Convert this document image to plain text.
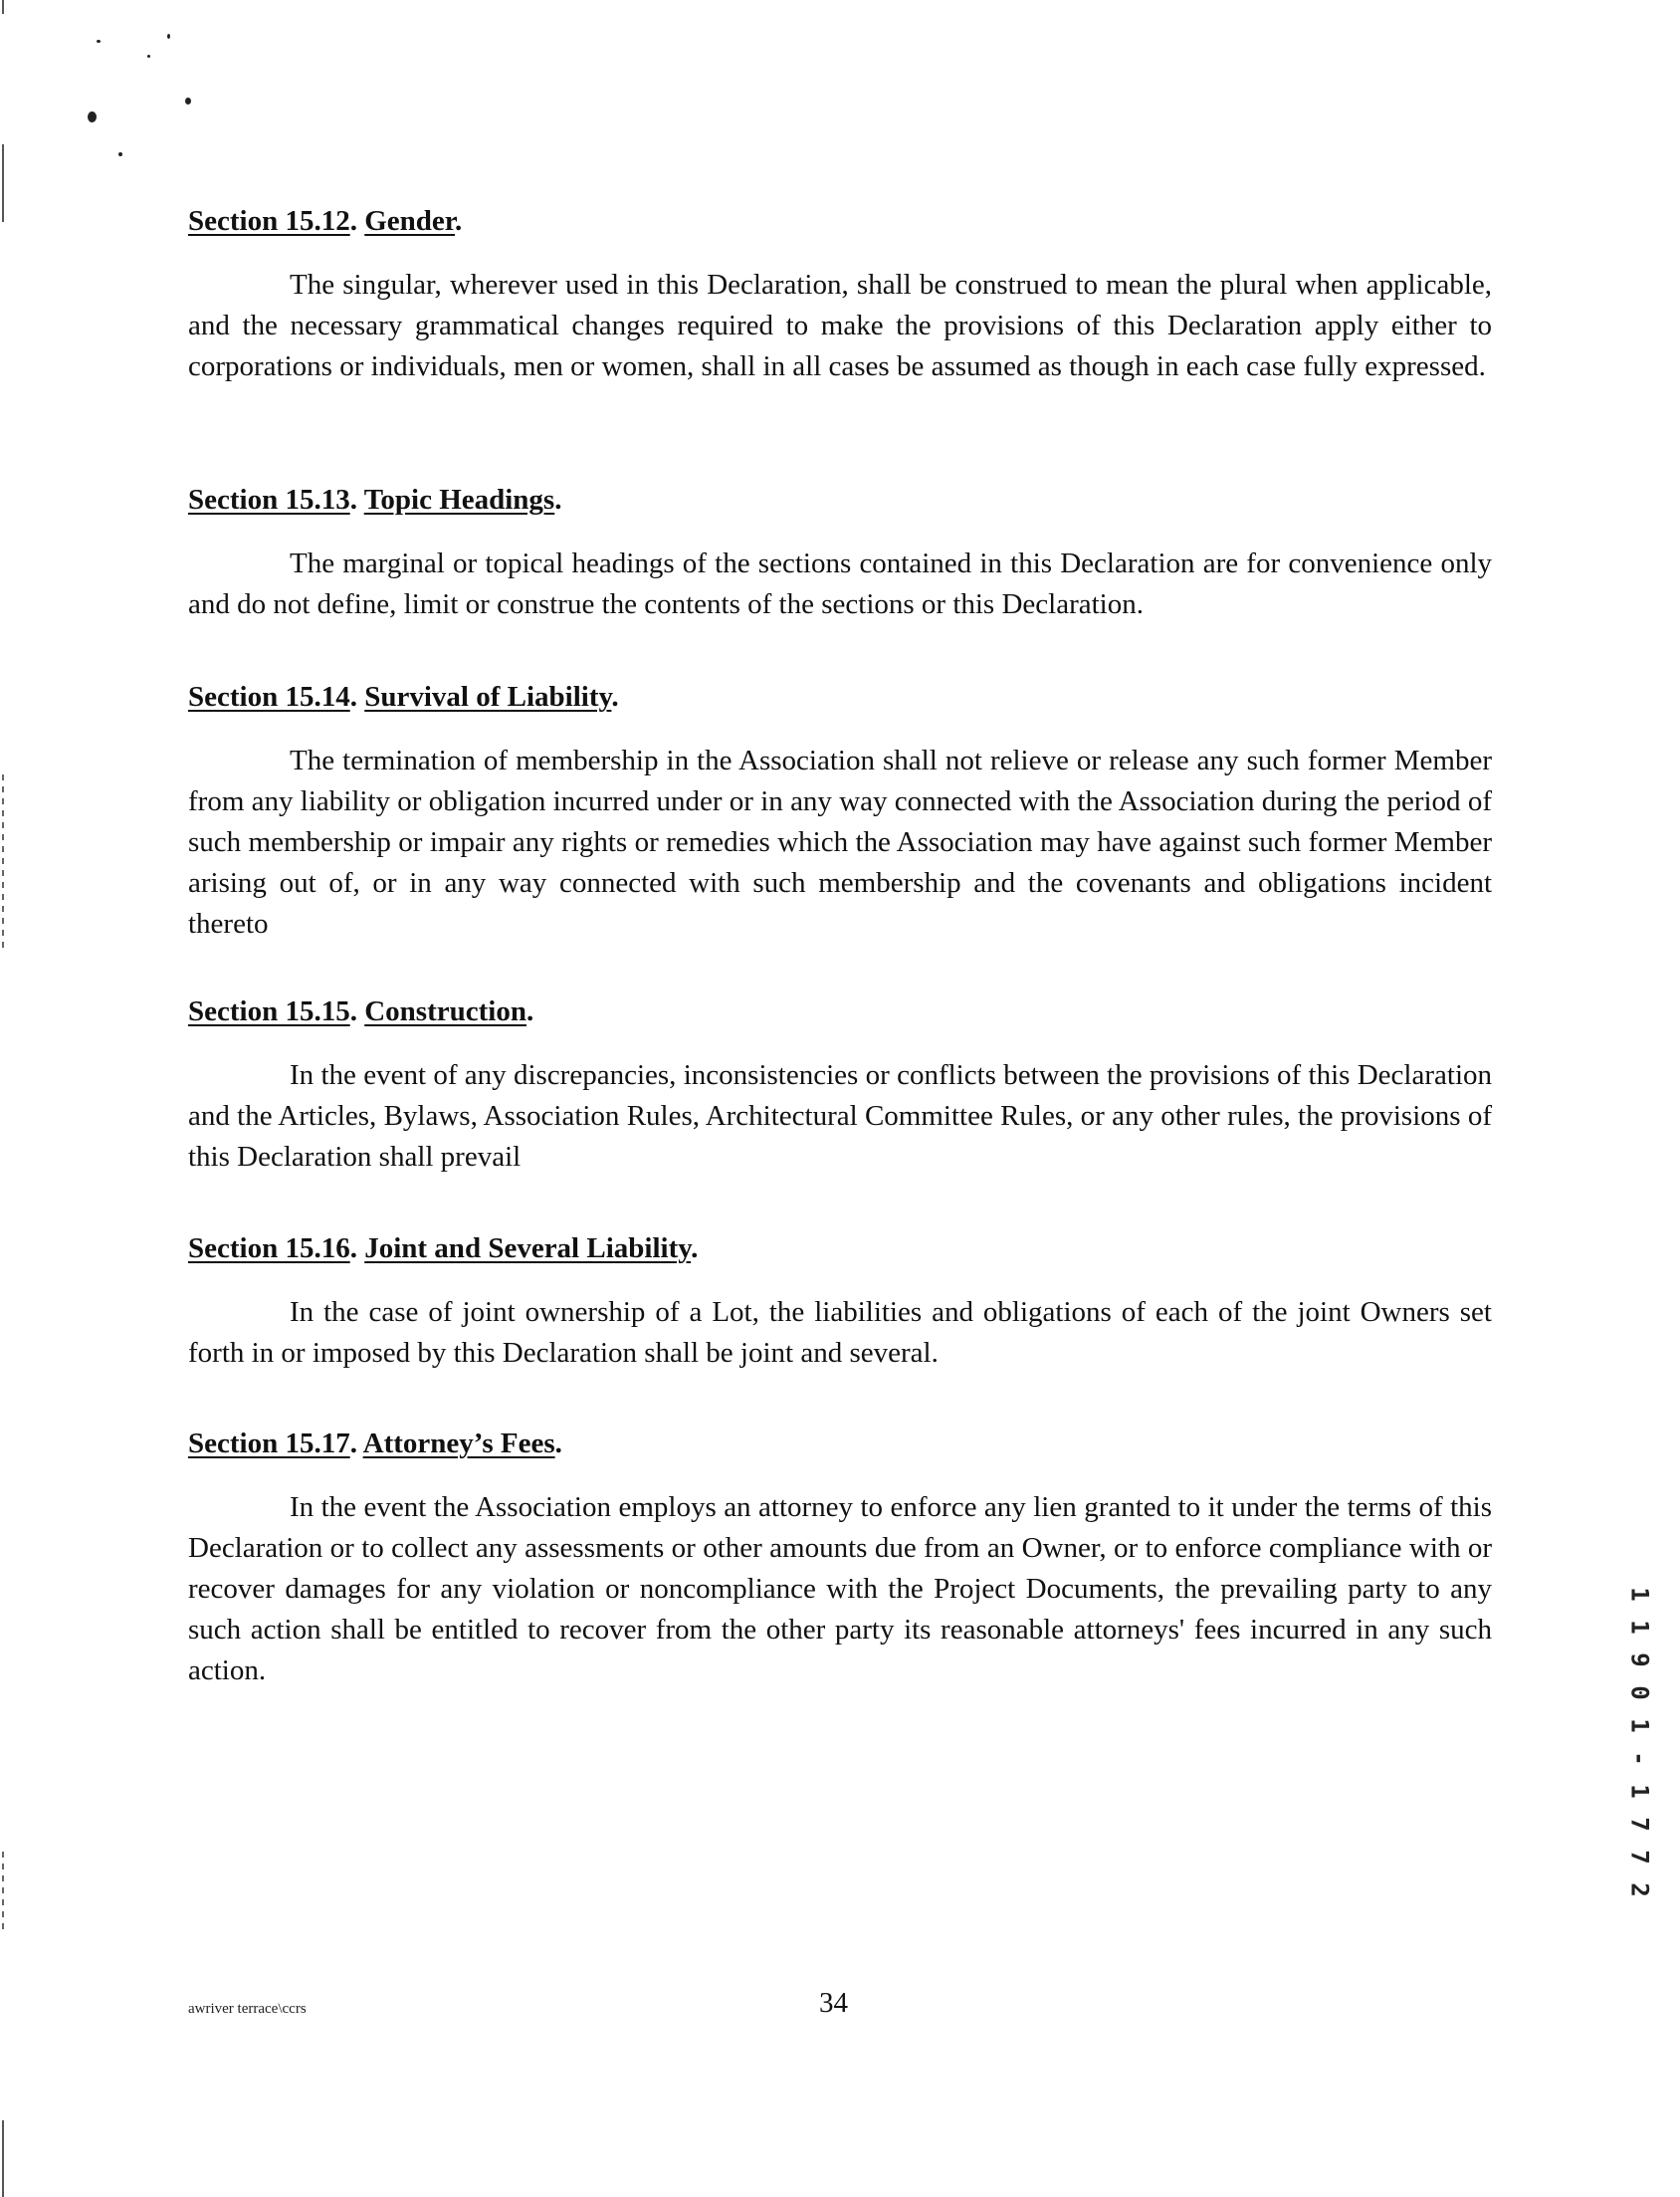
Section 15.12. Gender.

The singular, wherever used in this Declaration, shall be construed to mean the plural when applicable, and the necessary grammatical changes required to make the provisions of this Declaration apply either to corporations or individuals, men or women, shall in all cases be assumed as though in each case fully expressed.

Section 15.13. Topic Headings.

The marginal or topical headings of the sections contained in this Declaration are for convenience only and do not define, limit or construe the contents of the sections or this Declaration.

Section 15.14. Survival of Liability.

The termination of membership in the Association shall not relieve or release any such former Member from any liability or obligation incurred under or in any way connected with the Association during the period of such membership or impair any rights or remedies which the Association may have against such former Member arising out of, or in any way connected with such membership and the covenants and obligations incident thereto

Section 15.15. Construction.

In the event of any discrepancies, inconsistencies or conflicts between the provisions of this Declaration and the Articles, Bylaws, Association Rules, Architectural Committee Rules, or any other rules, the provisions of this Declaration shall prevail

Section 15.16. Joint and Several Liability.

In the case of joint ownership of a Lot, the liabilities and obligations of each of the joint Owners set forth in or imposed by this Declaration shall be joint and several.

Section 15.17. Attorney’s Fees.

In the event the Association employs an attorney to enforce any lien granted to it under the terms of this Declaration or to collect any assessments or other amounts due from an Owner, or to enforce compliance with or recover damages for any violation or noncompliance with the Project Documents, the prevailing party to any such action shall be entitled to recover from the other party its reasonable attorneys' fees incurred in any such action.

1
1
9
0
1
-
1
7
7
2
awriver terrace\ccrs	34
